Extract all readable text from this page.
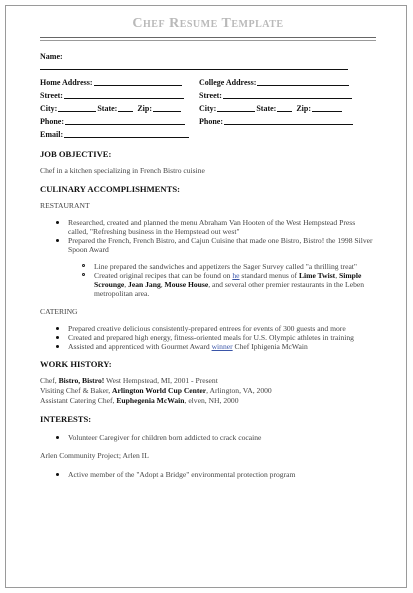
Chef Resume Template
Name:
Home Address:	College Address:
Street:	Street:
City:	State:	Zip:	City:	State:	Zip:
Phone:	Phone:
Email:
JOB OBJECTIVE:
Chef in a kitchen specializing in French Bistro cuisine
CULINARY ACCOMPLISHMENTS:
RESTAURANT
Researched, created and planned the menu Abraham Van Hooten of the West Hempstead Press called, "Refreshing business in the Hempstead out west"
Prepared the French, French Bistro, and Cajun Cuisine that made one Bistro, Bistro! the 1998 Silver Spoon Award
Line prepared the sandwiches and appetizers the Sager Survey called "a thrilling treat"
Created original recipes that can be found on he standard menus of Lime Twist, Simple Scrounge, Jean Jang, Mouse House, and several other premier restaurants in the Leben metropolitan area.
CATERING
Prepared creative delicious consistently-prepared entrees for events of 300 guests and more
Created and prepared high energy, fitness-oriented meals for U.S. Olympic athletes in training
Assisted and apprenticed with Gourmet Award winner Chef Iphigenia McWain
WORK HISTORY:
Chef, Bistro, Bistro! West Hempstead, MI, 2001 - Present
Visiting Chef & Baker, Arlington World Cup Center, Arlington, VA, 2000
Assistant Catering Chef, Euphegenia McWain, elven, NH, 2000
INTERESTS:
Volunteer Caregiver for children born addicted to crack cocaine
Arlen Community Project; Arlen IL
Active member of the "Adopt a Bridge" environmental protection program
